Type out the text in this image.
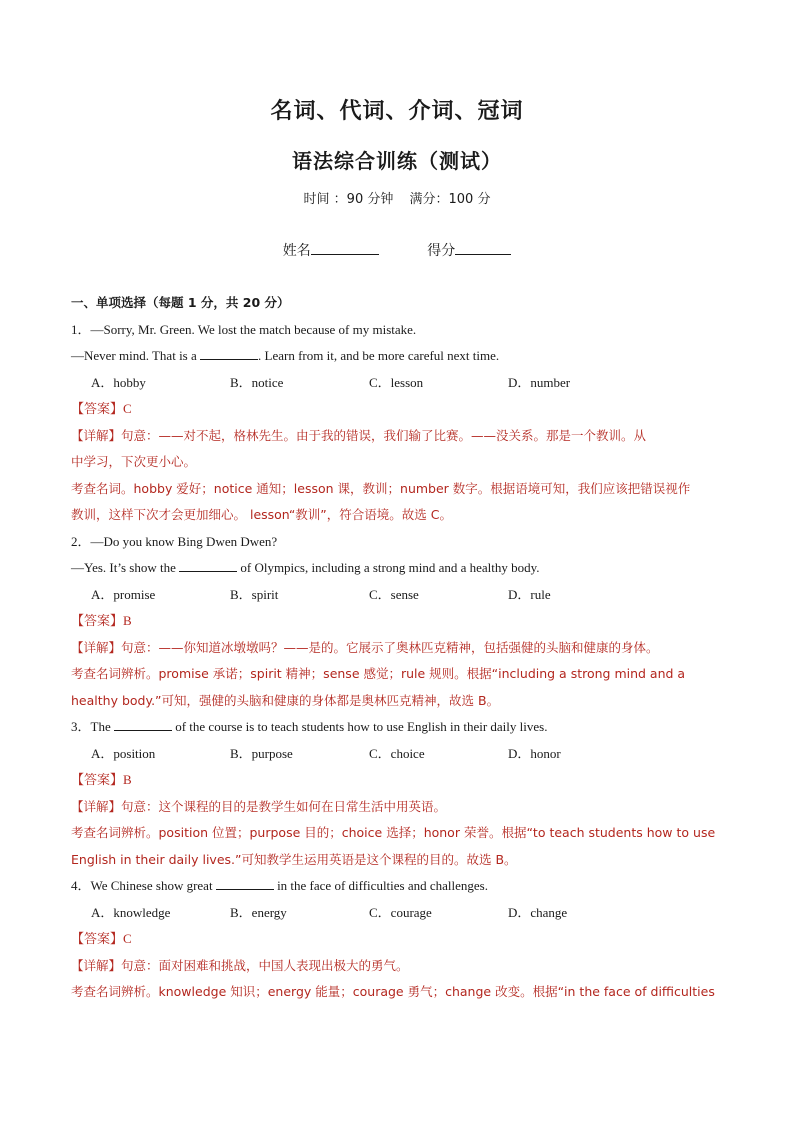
名词、代词、介词、冠词
语法综合训练（测试）
时间 ：90 分钟 满分：100 分
姓名	得分
一、单项选择（每题 1 分，共 20 分）
1．—Sorry, Mr. Green. We lost the match because of my mistake.
—Never mind. That is a	. Learn from it, and be more careful next time.
A．hobby	B．notice	C．lesson	D．number
【答案】C
【详解】句意：——对不起，格林先生。由于我的错误，我们输了比赛。——没关系。那是一个教训。从
中学习，下次更小心。
考查名词。hobby 爱好；notice 通知；lesson 课，教训；number 数字。根据语境可知，我们应该把错误视作
教训，这样下次才会更加细心。 lesson“教训”，符合语境。故选 C。
2．—Do you know Bing Dwen Dwen?
—Yes. It’s show the	of Olympics, including a strong mind and a healthy body.
A．promise	B．spirit	C．sense	D．rule
【答案】B
【详解】句意：——你知道冰墩墩吗？——是的。它展示了奥林匹克精神，包括强健的头脑和健康的身体。
考查名词辨析。promise 承诺；spirit 精神；sense 感觉；rule 规则。根据“including a strong mind and a
healthy body.”可知，强健的头脑和健康的身体都是奥林匹克精神，故选 B。
3．The	of the course is to teach students how to use English in their daily lives.
A．position	B．purpose	C．choice	D．honor
【答案】B
【详解】句意：这个课程的目的是教学生如何在日常生活中用英语。
考查名词辨析。position 位置；purpose 目的；choice 选择；honor 荣誉。根据“to teach students how to use
English in their daily lives.”可知教学生运用英语是这个课程的目的。故选 B。
4．We Chinese show great	in the face of difficulties and challenges.
A．knowledge	B．energy	C．courage	D．change
【答案】C
【详解】句意：面对困难和挑战，中国人表现出极大的勇气。
考查名词辨析。knowledge 知识；energy 能量；courage 勇气；change 改变。根据“in the face of difficulties
